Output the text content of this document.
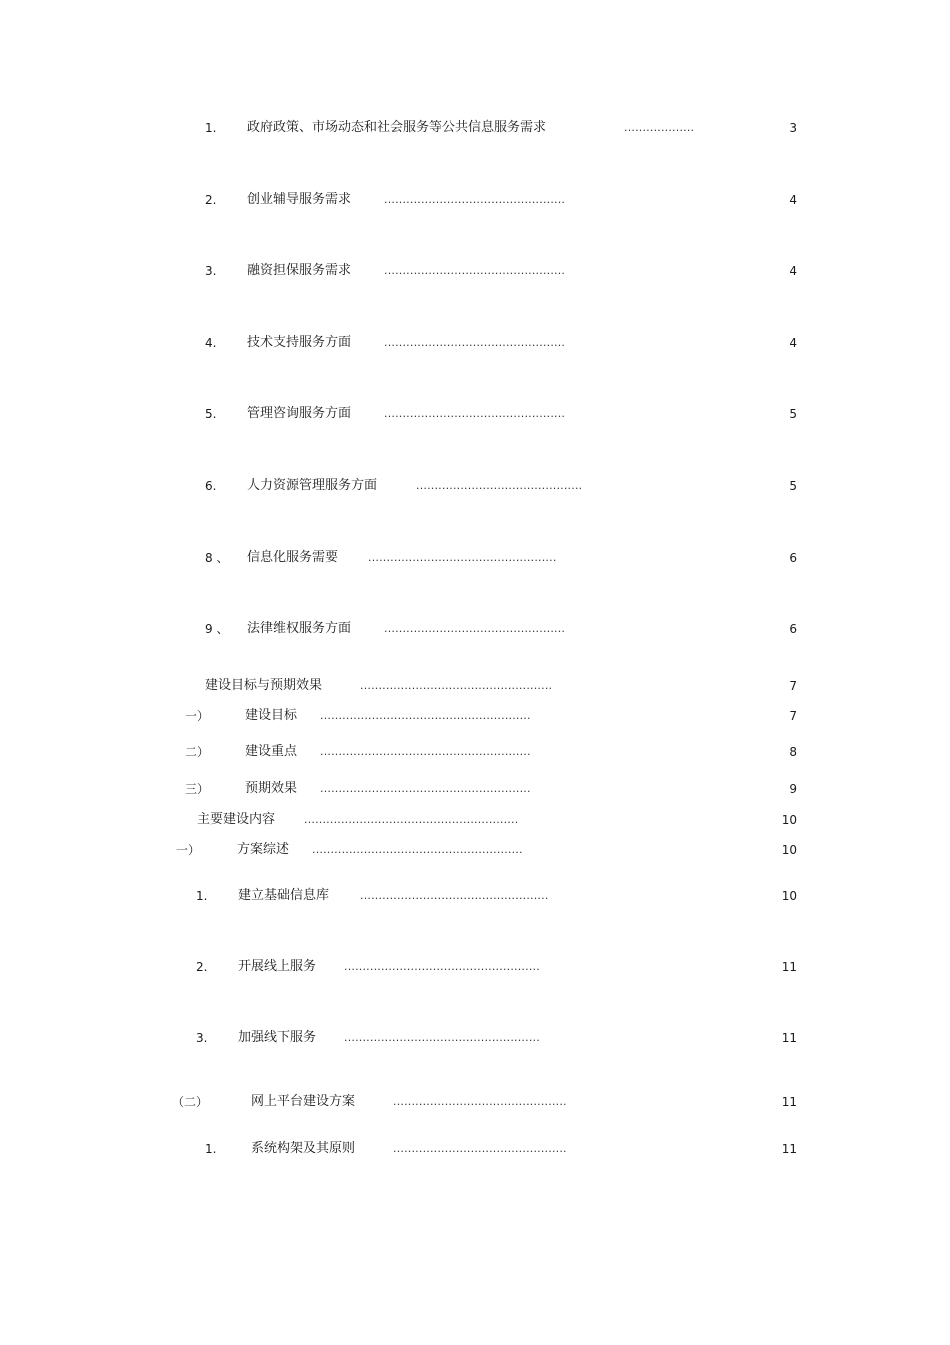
1. 政府政策、市场动态和社会服务等公共信息服务需求	...................	3
2. 创业辅导服务需求	.................................................	4
3. 融资担保服务需求	.................................................	4
4. 技术支持服务方面	.................................................	4
5. 管理咨询服务方面	.................................................	5
6. 人力资源管理服务方面	.............................................	5
8 、 信息化服务需要	...................................................	6
9 、 法律维权服务方面	.................................................	6
建设目标与预期效果	....................................................	7
一）	建设目标 .........................................................	7
二）	建设重点 .........................................................	8
三）	预期效果 .........................................................	9
主要建设内容	..........................................................	10
一）	方案综述 .........................................................	10
1. 建立基础信息库	...................................................	10
2. 开展线上服务	.....................................................	11
3. 加强线下服务	.....................................................	11
（二）	网上平台建设方案	...............................................	11
1.	系统构架及其原则	...............................................	11
